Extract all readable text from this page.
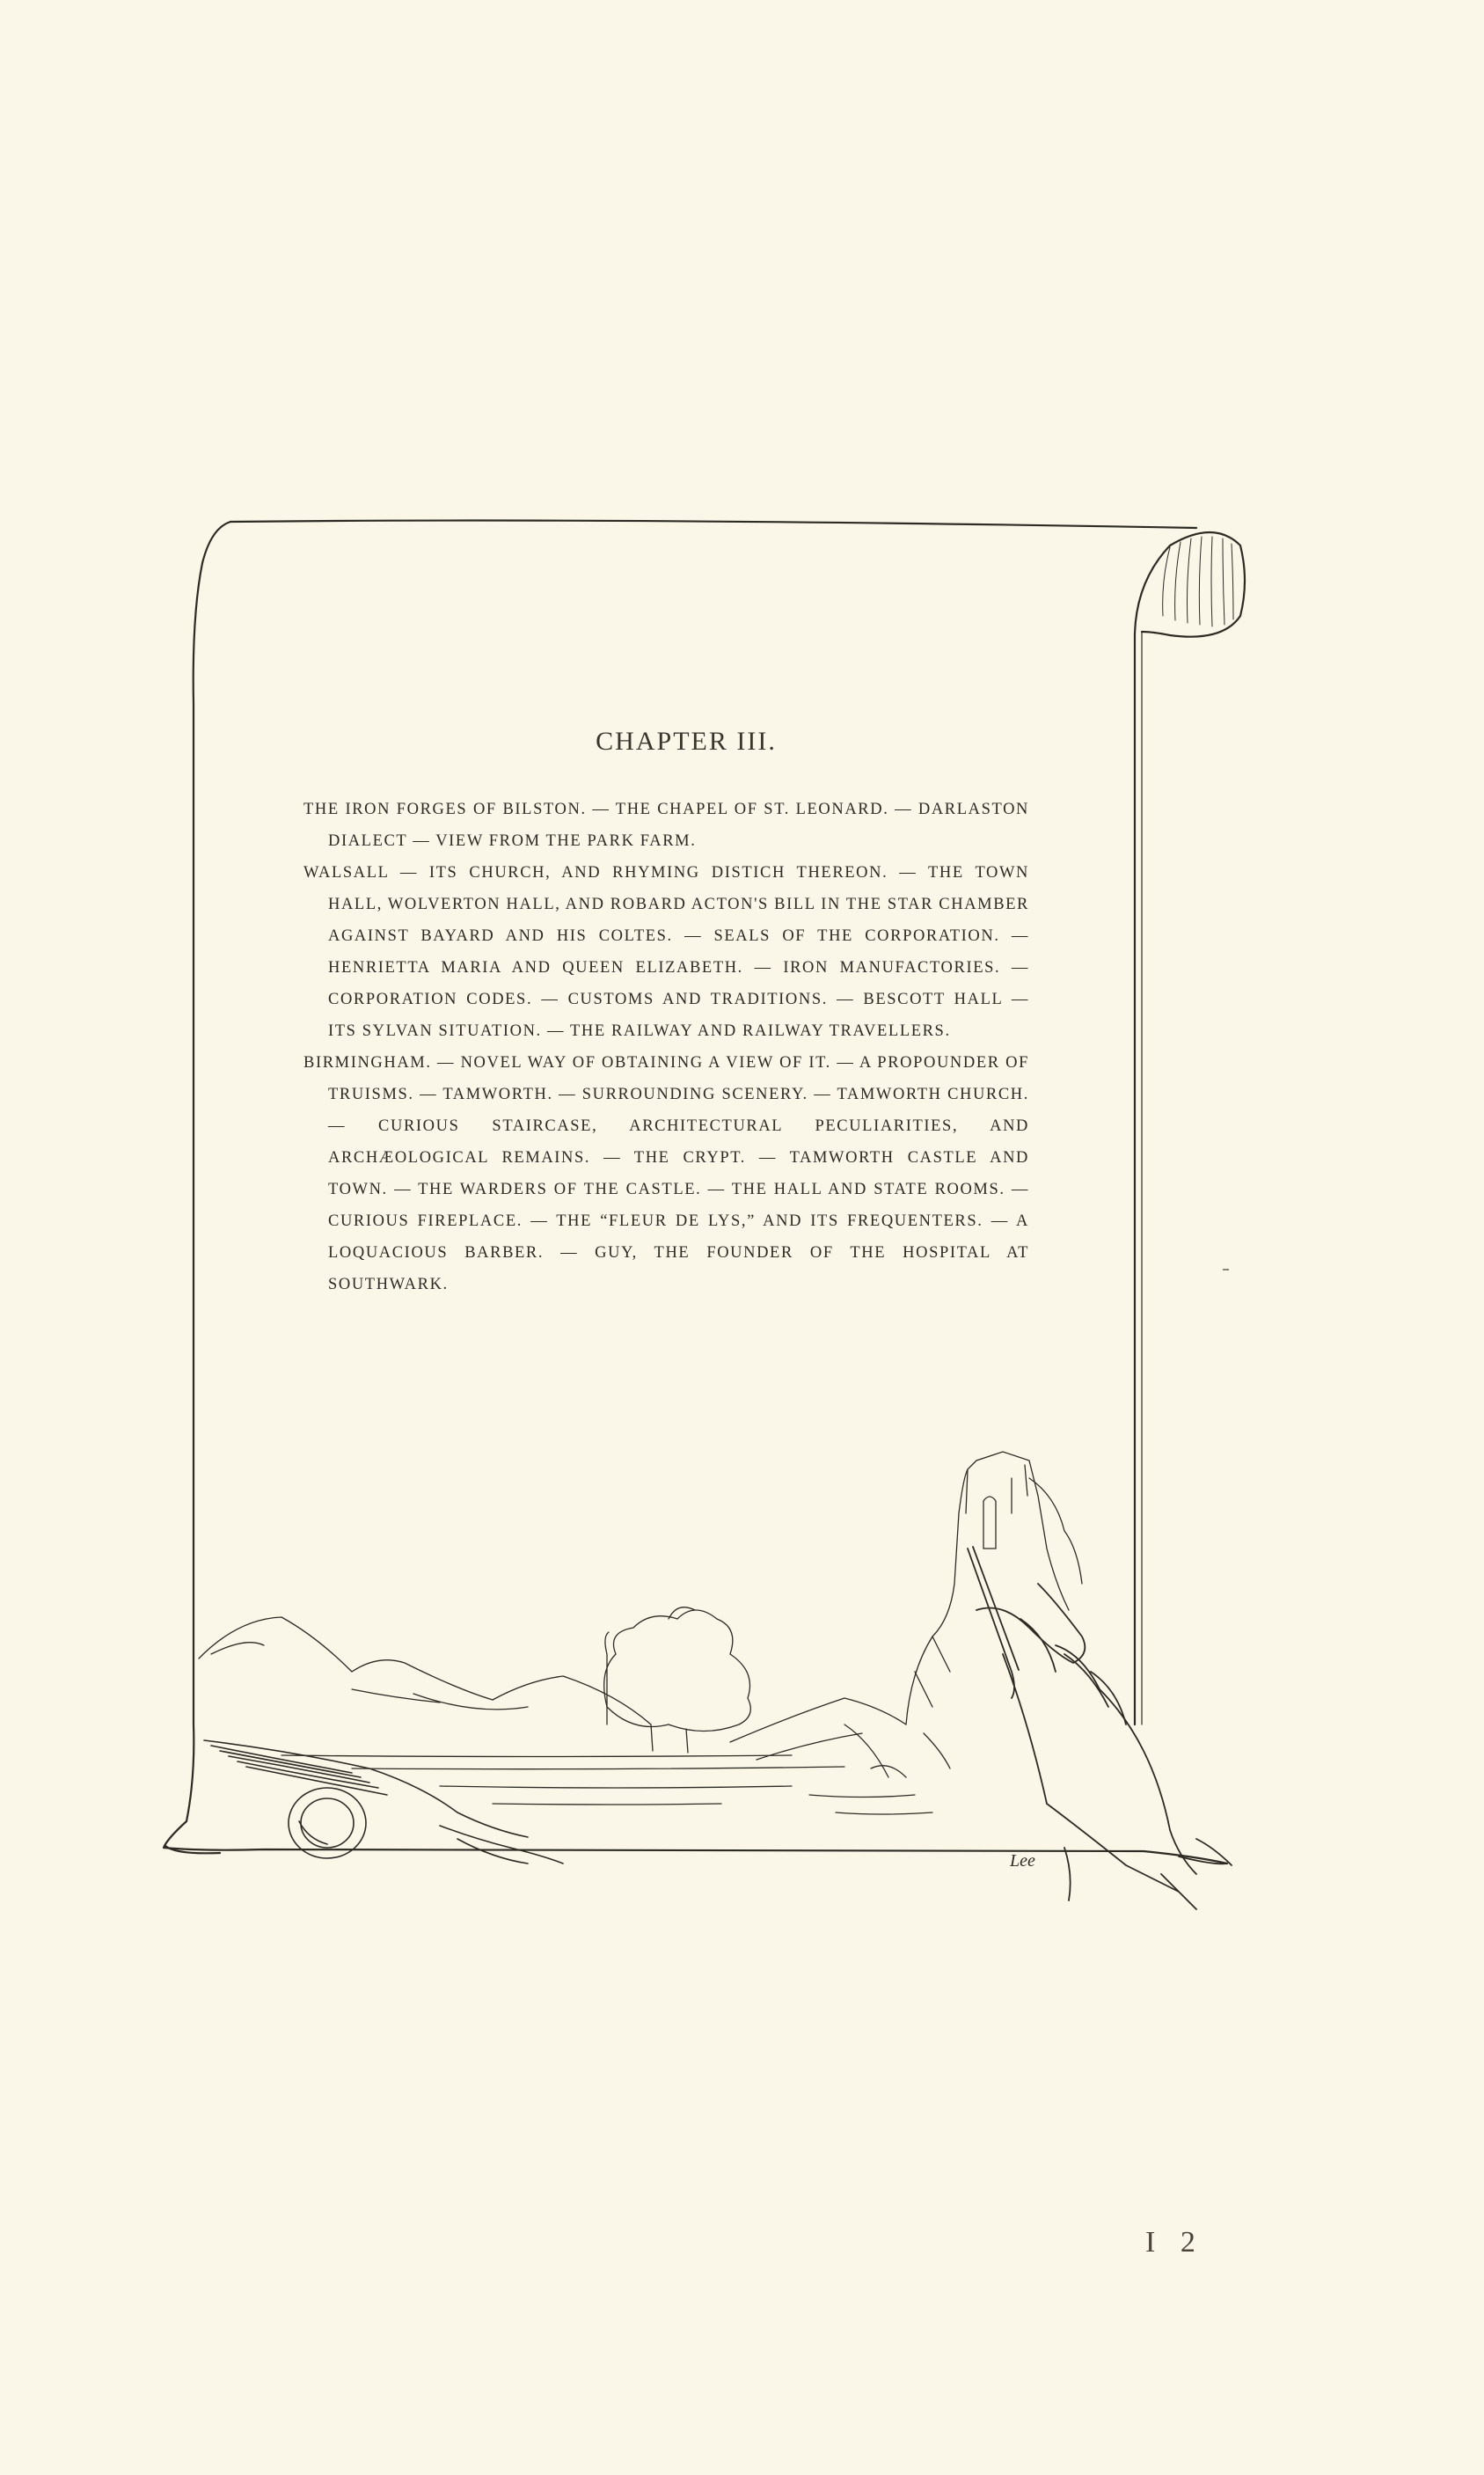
CHAPTER III.

THE IRON FORGES OF BILSTON. — THE CHAPEL OF ST. LEONARD. — DARLASTON DIALECT — VIEW FROM THE PARK FARM.

WALSALL — ITS CHURCH, AND RHYMING DISTICH THEREON. — THE TOWN HALL, WOLVERTON HALL, AND ROBARD ACTON'S BILL IN THE STAR CHAMBER AGAINST BAYARD AND HIS COLTES. — SEALS OF THE CORPORATION. — HENRIETTA MARIA AND QUEEN ELIZABETH. — IRON MANUFACTORIES. — CORPORATION CODES. — CUSTOMS AND TRADITIONS. — BESCOTT HALL — ITS SYLVAN SITUATION. — THE RAILWAY AND RAILWAY TRAVELLERS.

BIRMINGHAM. — NOVEL WAY OF OBTAINING A VIEW OF IT. — A PROPOUNDER OF TRUISMS. — TAMWORTH. — SURROUNDING SCENERY. — TAMWORTH CHURCH. — CURIOUS STAIRCASE, ARCHITECTURAL PECULIARITIES, AND ARCHÆOLOGICAL REMAINS. — THE CRYPT. — TAMWORTH CASTLE AND TOWN. — THE WARDERS OF THE CASTLE. — THE HALL AND STATE ROOMS. — CURIOUS FIREPLACE. — THE “FLEUR DE LYS,” AND ITS FREQUENTERS. — A LOQUACIOUS BARBER. — GUY, THE FOUNDER OF THE HOSPITAL AT SOUTHWARK.

Lee
I 2
